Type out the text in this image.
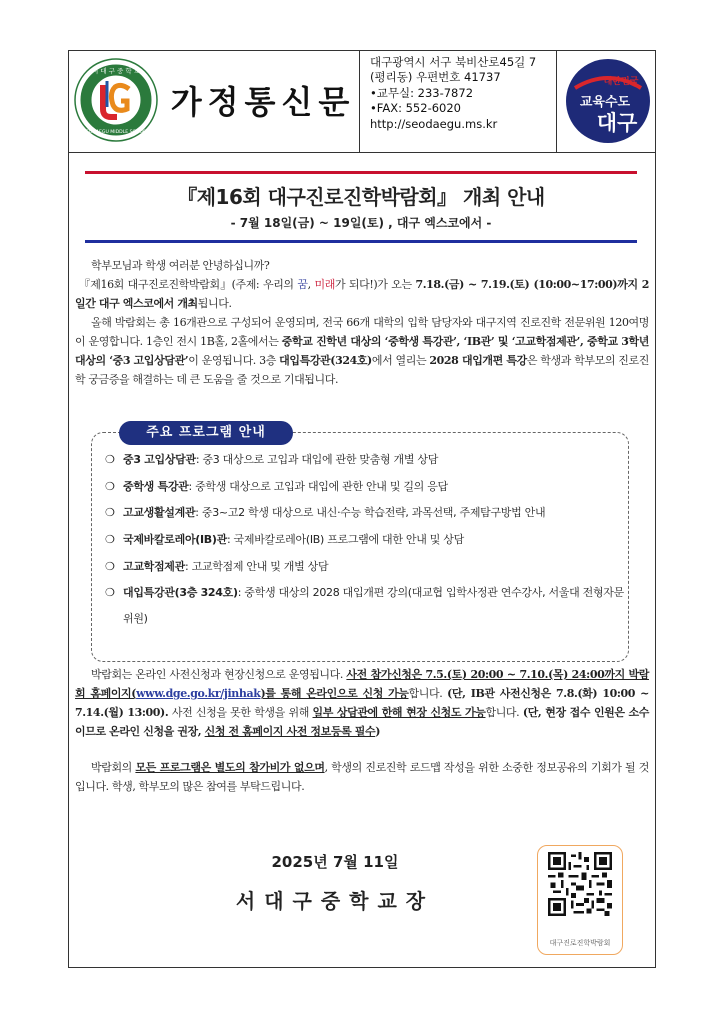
서 대 구 중 학 교
SEODAEGU MIDDLE SCHOOL
가정통신문
대구광역시 서구 북비산로45길 7
(평리동) 우편번호 41737
•교무실: 233-7872
•FAX: 552-6020
http://seodaegu.ms.kr
대한민국
교육수도
대구
『제16회 대구진로진학박람회』 개최 안내
- 7월 18일(금) ~ 19일(토) , 대구 엑스코에서 -
학부모님과 학생 여러분 안녕하십니까?
『제16회 대구진로진학박람회』(주제: 우리의 꿈, 미래가 되다!)가 오는 7.18.(금) ~ 7.19.(토) (10:00~17:00)까지 2일간 대구 엑스코에서 개최됩니다.
올해 박람회는 총 16개관으로 구성되어 운영되며, 전국 66개 대학의 입학 담당자와 대구지역 진로진학 전문위원 120여명이 운영합니다. 1층인 전시 1B홀, 2홀에서는 중학교 진학년 대상의 ‘중학생 특강관’, ‘IB관’ 및 ‘고교학점제관’, 중학교 3학년 대상의 ‘중3 고입상담관’이 운영됩니다. 3층 대입특강관(324호)에서 열리는 2028 대입개편 특강은 학생과 학부모의 진로진학 궁금증을 해결하는 데 큰 도움을 줄 것으로 기대됩니다.
주요 프로그램 안내
❍ 중3 고입상담관: 중3 대상으로 고입과 대입에 관한 맞춤형 개별 상담
❍ 중학생 특강관: 중학생 대상으로 고입과 대입에 관한 안내 및 길의 응답
❍ 고교생활설계관: 중3~고2 학생 대상으로 내신·수능 학습전략, 과목선택, 주제탐구방법 안내
❍ 국제바칼로레아(IB)관: 국제바칼로레아(IB) 프로그램에 대한 안내 및 상담
❍ 고교학점제관: 고교학점제 안내 및 개별 상담
❍ 대입특강관(3층 324호): 중학생 대상의 2028 대입개편 강의(대교협 입학사정관 연수강사, 서울대 전형자문위원)
박람회는 온라인 사전신청과 현장신청으로 운영됩니다. 사전 참가신청은 7.5.(토) 20:00 ~ 7.10.(목) 24:00까지 박람회 홈페이지(www.dge.go.kr/jinhak)를 통해 온라인으로 신청 가능합니다. (단, IB관 사전신청은 7.8.(화) 10:00 ~ 7.14.(월) 13:00). 사전 신청을 못한 학생을 위해 일부 상담관에 한해 현장 신청도 가능합니다. (단, 현장 접수 인원은 소수이므로 온라인 신청을 권장, 신청 전 홈페이지 사전 정보등록 필수)
박람회의 모든 프로그램은 별도의 참가비가 없으며, 학생의 진로진학 로드맵 작성을 위한 소중한 정보공유의 기회가 될 것입니다. 학생, 학부모의 많은 참여를 부탁드립니다.
2025년 7월 11일
서대구중학교장
대구진로진학박람회
